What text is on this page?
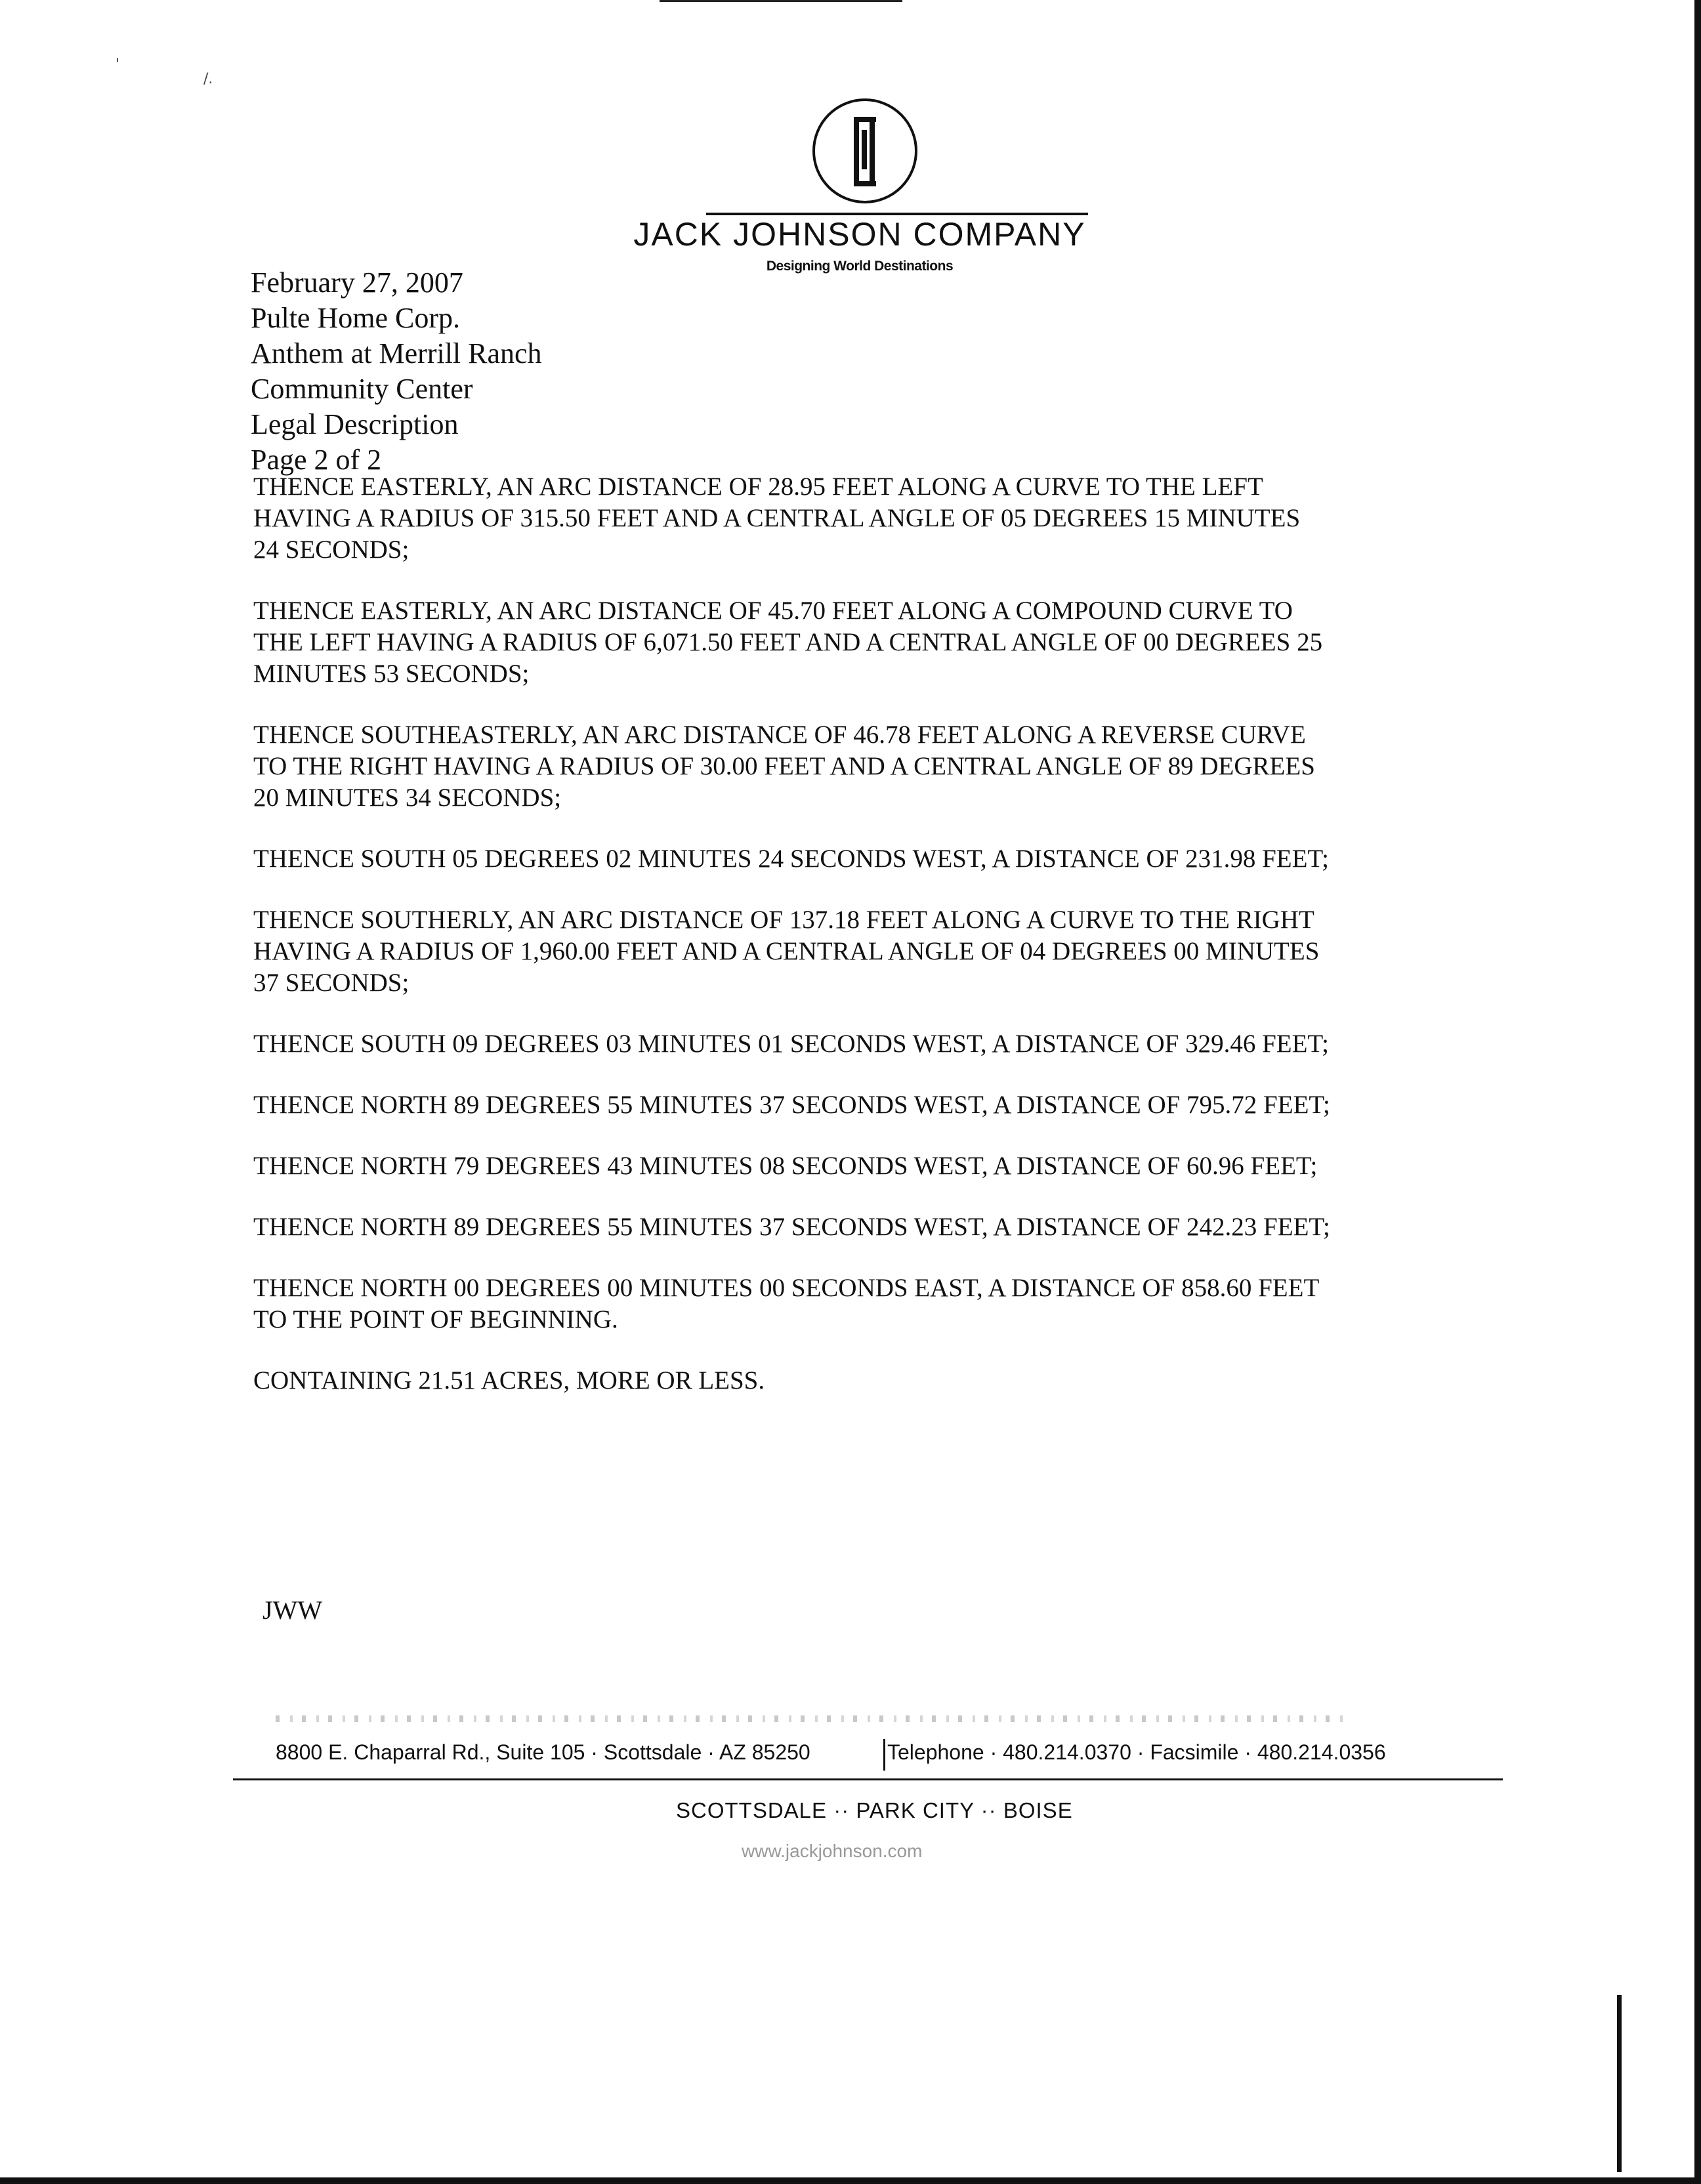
'
/.
JACK JOHNSON COMPANY
Designing World Destinations
February 27, 2007
Pulte Home Corp.
Anthem at Merrill Ranch
Community Center
Legal Description
Page 2 of 2
THENCE EASTERLY, AN ARC DISTANCE OF 28.95 FEET ALONG A CURVE TO THE LEFT
HAVING A RADIUS OF 315.50 FEET AND A CENTRAL ANGLE OF 05 DEGREES 15 MINUTES
24 SECONDS;
THENCE EASTERLY, AN ARC DISTANCE OF 45.70 FEET ALONG A COMPOUND CURVE TO
THE LEFT HAVING A RADIUS OF 6,071.50 FEET AND A CENTRAL ANGLE OF 00 DEGREES 25
MINUTES 53 SECONDS;
THENCE SOUTHEASTERLY, AN ARC DISTANCE OF 46.78 FEET ALONG A REVERSE CURVE
TO THE RIGHT HAVING A RADIUS OF 30.00 FEET AND A CENTRAL ANGLE OF 89 DEGREES
20 MINUTES 34 SECONDS;
THENCE SOUTH 05 DEGREES 02 MINUTES 24 SECONDS WEST, A DISTANCE OF 231.98 FEET;
THENCE SOUTHERLY, AN ARC DISTANCE OF 137.18 FEET ALONG A CURVE TO THE RIGHT
HAVING A RADIUS OF 1,960.00 FEET AND A CENTRAL ANGLE OF 04 DEGREES 00 MINUTES
37 SECONDS;
THENCE SOUTH 09 DEGREES 03 MINUTES 01 SECONDS WEST, A DISTANCE OF 329.46 FEET;
THENCE NORTH 89 DEGREES 55 MINUTES 37 SECONDS WEST, A DISTANCE OF 795.72 FEET;
THENCE NORTH 79 DEGREES 43 MINUTES 08 SECONDS WEST, A DISTANCE OF 60.96 FEET;
THENCE NORTH 89 DEGREES 55 MINUTES 37 SECONDS WEST, A DISTANCE OF 242.23 FEET;
THENCE NORTH 00 DEGREES 00 MINUTES 00 SECONDS EAST, A DISTANCE OF 858.60 FEET
TO THE POINT OF BEGINNING.
CONTAINING 21.51 ACRES, MORE OR LESS.
JWW
8800 E. Chaparral Rd., Suite 105 · Scottsdale · AZ 85250	Telephone · 480.214.0370 · Facsimile · 480.214.0356
SCOTTSDALE ·· PARK CITY ·· BOISE
www.jackjohnson.com
